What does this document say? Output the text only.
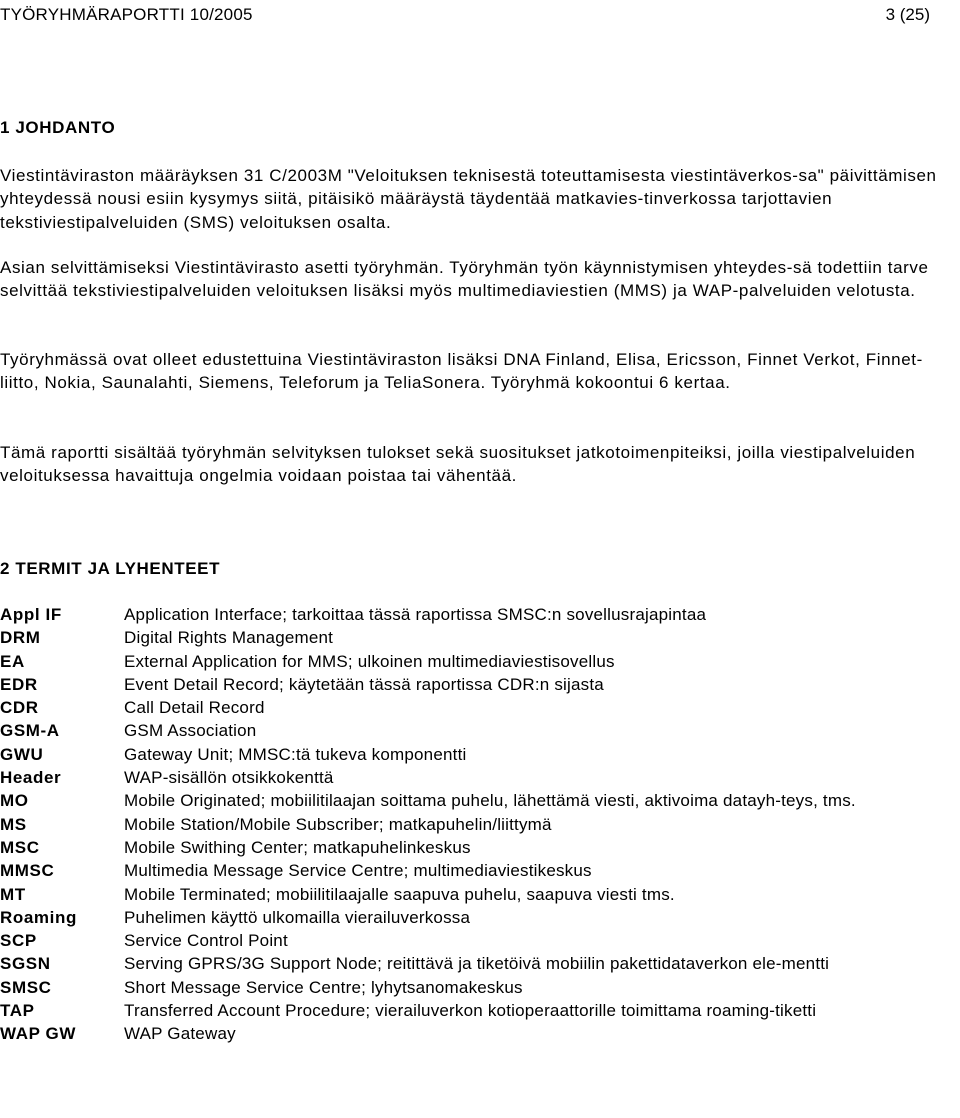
TYÖRYHMÄRAPORTTI 10/2005	3 (25)
1 JOHDANTO

Viestintäviraston määräyksen 31 C/2003M "Veloituksen teknisestä toteuttamisesta viestintäverkos-sa" päivittämisen yhteydessä nousi esiin kysymys siitä, pitäisikö määräystä täydentää matkavies-tinverkossa tarjottavien tekstiviestipalveluiden (SMS) veloituksen osalta.

Asian selvittämiseksi Viestintävirasto asetti työryhmän. Työryhmän työn käynnistymisen yhteydes-sä todettiin tarve selvittää tekstiviestipalveluiden veloituksen lisäksi myös multimediaviestien (MMS) ja WAP-palveluiden velotusta.

Työryhmässä ovat olleet edustettuina Viestintäviraston lisäksi DNA Finland, Elisa, Ericsson, Finnet Verkot, Finnet-liitto, Nokia, Saunalahti, Siemens, Teleforum ja TeliaSonera. Työryhmä kokoontui 6 kertaa.

Tämä raportti sisältää työryhmän selvityksen tulokset sekä suositukset jatkotoimenpiteiksi, joilla viestipalveluiden veloituksessa havaittuja ongelmia voidaan poistaa tai vähentää.

2 TERMIT JA LYHENTEET
Appl IF	Application Interface; tarkoittaa tässä raportissa SMSC:n sovellusrajapintaa
DRM	Digital Rights Management
EA	External Application for MMS; ulkoinen multimediaviestisovellus
EDR	Event Detail Record; käytetään tässä raportissa CDR:n sijasta
CDR	Call Detail Record
GSM-A	GSM Association
GWU	Gateway Unit; MMSC:tä tukeva komponentti
Header	WAP-sisällön otsikkokenttä
MO	Mobile Originated; mobiilitilaajan soittama puhelu, lähettämä viesti, aktivoima datayh-teys, tms.
MS	Mobile Station/Mobile Subscriber; matkapuhelin/liittymä
MSC	Mobile Swithing Center; matkapuhelinkeskus
MMSC	Multimedia Message Service Centre; multimediaviestikeskus
MT	Mobile Terminated; mobiilitilaajalle saapuva puhelu, saapuva viesti tms.
Roaming	Puhelimen käyttö ulkomailla vierailuverkossa
SCP	Service Control Point
SGSN	Serving GPRS/3G Support Node; reitittävä ja tiketöivä mobiilin pakettidataverkon ele-mentti
SMSC	Short Message Service Centre; lyhytsanomakeskus
TAP	Transferred Account Procedure; vierailuverkon kotioperaattorille toimittama roaming-tiketti
WAP GW	WAP Gateway
